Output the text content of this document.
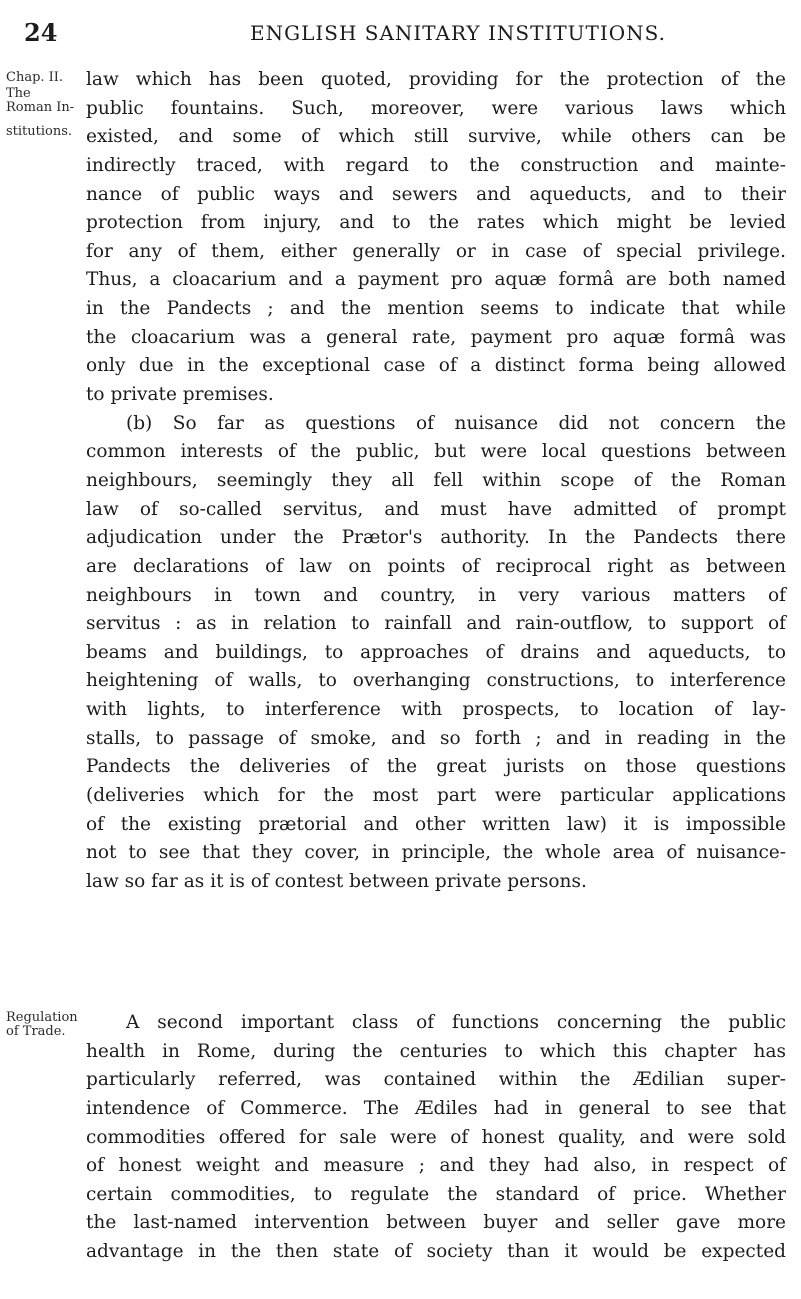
24	ENGLISH SANITARY INSTITUTIONS.
Chap. II.
The
Roman In-
stitutions.
Regulation
of Trade.
law which has been quoted, providing for the protection of the
public fountains. Such, moreover, were various laws which
existed, and some of which still survive, while others can be
indirectly traced, with regard to the construction and mainte-
nance of public ways and sewers and aqueducts, and to their
protection from injury, and to the rates which might be levied
for any of them, either generally or in case of special privilege.
Thus, a cloacarium and a payment pro aquæ formâ are both named
in the Pandects ; and the mention seems to indicate that while
the cloacarium was a general rate, payment pro aquæ formâ was
only due in the exceptional case of a distinct forma being allowed
to private premises.
(b) So far as questions of nuisance did not concern the
common interests of the public, but were local questions between
neighbours, seemingly they all fell within scope of the Roman
law of so-called servitus, and must have admitted of prompt
adjudication under the Prætor's authority. In the Pandects there
are declarations of law on points of reciprocal right as between
neighbours in town and country, in very various matters of
servitus : as in relation to rainfall and rain-outflow, to support of
beams and buildings, to approaches of drains and aqueducts, to
heightening of walls, to overhanging constructions, to interference
with lights, to interference with prospects, to location of lay-
stalls, to passage of smoke, and so forth ; and in reading in the
Pandects the deliveries of the great jurists on those questions
(deliveries which for the most part were particular applications
of the existing prætorial and other written law) it is impossible
not to see that they cover, in principle, the whole area of nuisance-
law so far as it is of contest between private persons.
A second important class of functions concerning the public
health in Rome, during the centuries to which this chapter has
particularly referred, was contained within the Ædilian super-
intendence of Commerce. The Ædiles had in general to see that
commodities offered for sale were of honest quality, and were sold
of honest weight and measure ; and they had also, in respect of
certain commodities, to regulate the standard of price. Whether
the last-named intervention between buyer and seller gave more
advantage in the then state of society than it would be expected
